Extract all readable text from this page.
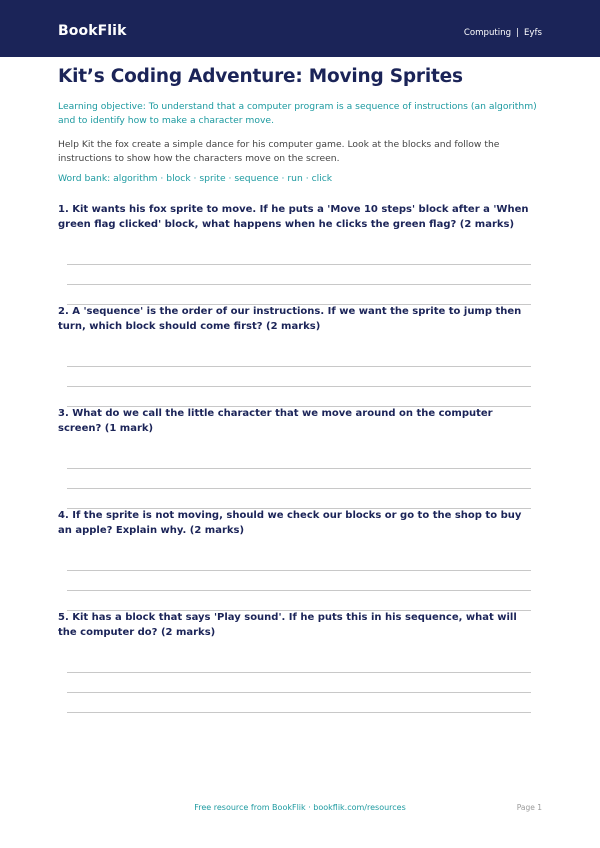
BookFlik	Computing | Eyfs
Kit’s Coding Adventure: Moving Sprites

Learning objective: To understand that a computer program is a sequence of instructions (an algorithm) and to identify how to make a character move.

Help Kit the fox create a simple dance for his computer game. Look at the blocks and follow the instructions to show how the characters move on the screen.

Word bank: algorithm · block · sprite · sequence · run · click

1. Kit wants his fox sprite to move. If he puts a 'Move 10 steps' block after a 'When green flag clicked' block, what happens when he clicks the green flag? (2 marks)

2. A 'sequence' is the order of our instructions. If we want the sprite to jump then turn, which block should come first? (2 marks)

3. What do we call the little character that we move around on the computer screen? (1 mark)

4. If the sprite is not moving, should we check our blocks or go to the shop to buy an apple? Explain why. (2 marks)

5. Kit has a block that says 'Play sound'. If he puts this in his sequence, what will the computer do? (2 marks)

Free resource from BookFlik · bookflik.com/resources	Page 1
